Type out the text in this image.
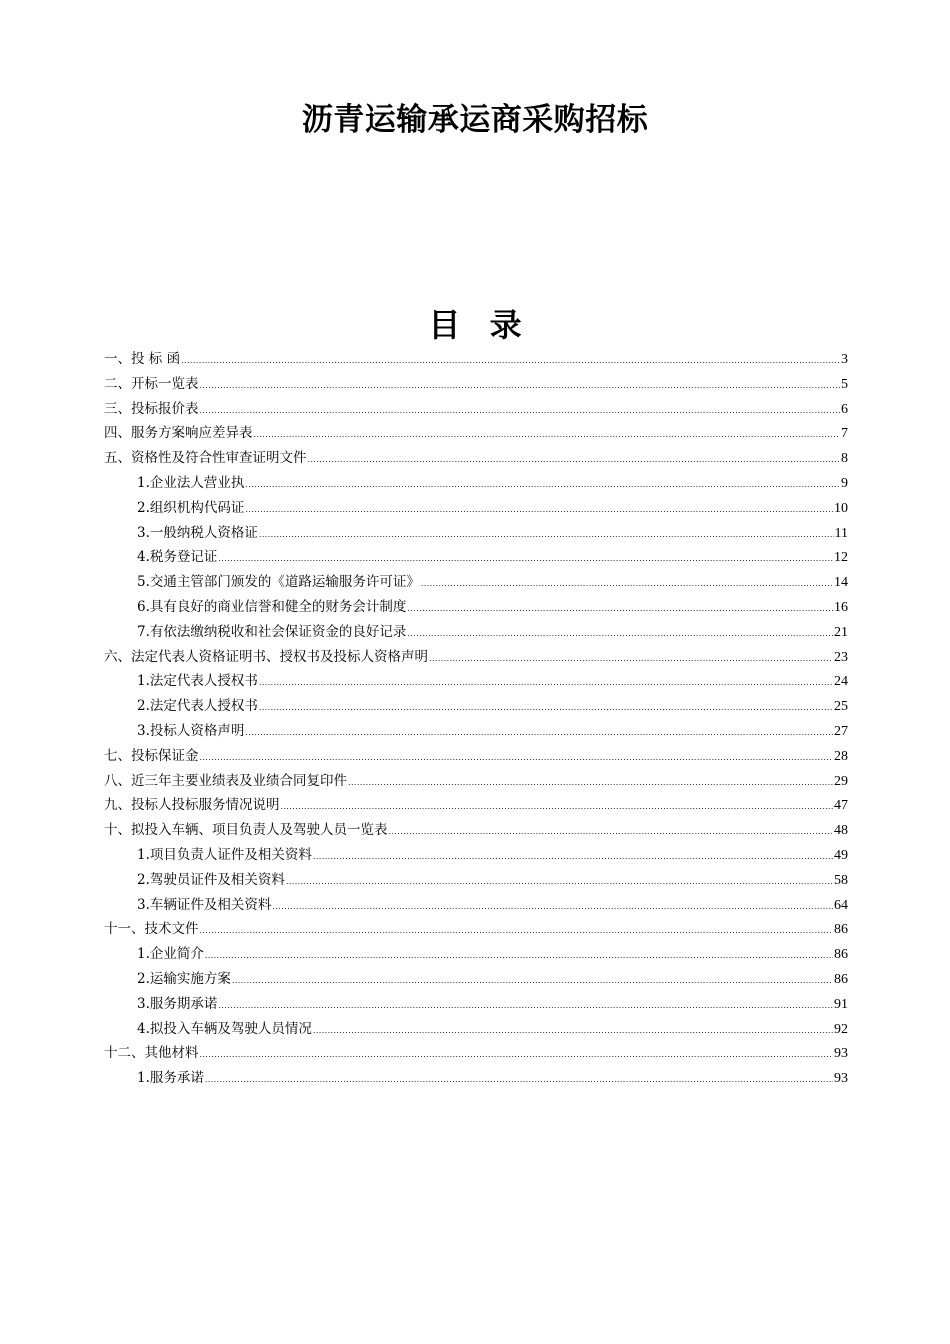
沥青运输承运商采购招标
目 录
一、投 标 函 .....	3
二、开标一览表 .....	5
三、投标报价表 .....	6
四、服务方案响应差异表 .....	7
五、资格性及符合性审查证明文件 .....	8
1.企业法人营业执 .....	9
2.组织机构代码证 .....	10
3.一般纳税人资格证 .....	11
4.税务登记证 .....	12
5.交通主管部门颁发的《道路运输服务许可证》 .....	14
6.具有良好的商业信誉和健全的财务会计制度 .....	16
7.有依法缴纳税收和社会保证资金的良好记录 .....	21
六、法定代表人资格证明书、授权书及投标人资格声明 .....	23
1.法定代表人授权书 .....	24
2.法定代表人授权书 .....	25
3.投标人资格声明 .....	27
七、投标保证金 .....	28
八、近三年主要业绩表及业绩合同复印件 .....	29
九、投标人投标服务情况说明 .....	47
十、拟投入车辆、项目负责人及驾驶人员一览表 .....	48
1.项目负责人证件及相关资料 .....	49
2.驾驶员证件及相关资料 .....	58
3.车辆证件及相关资料 .....	64
十一、技术文件 .....	86
1.企业简介 .....	86
2.运输实施方案 .....	86
3.服务期承诺 .....	91
4.拟投入车辆及驾驶人员情况 .....	92
十二、其他材料 .....	93
1.服务承诺 .....	93
